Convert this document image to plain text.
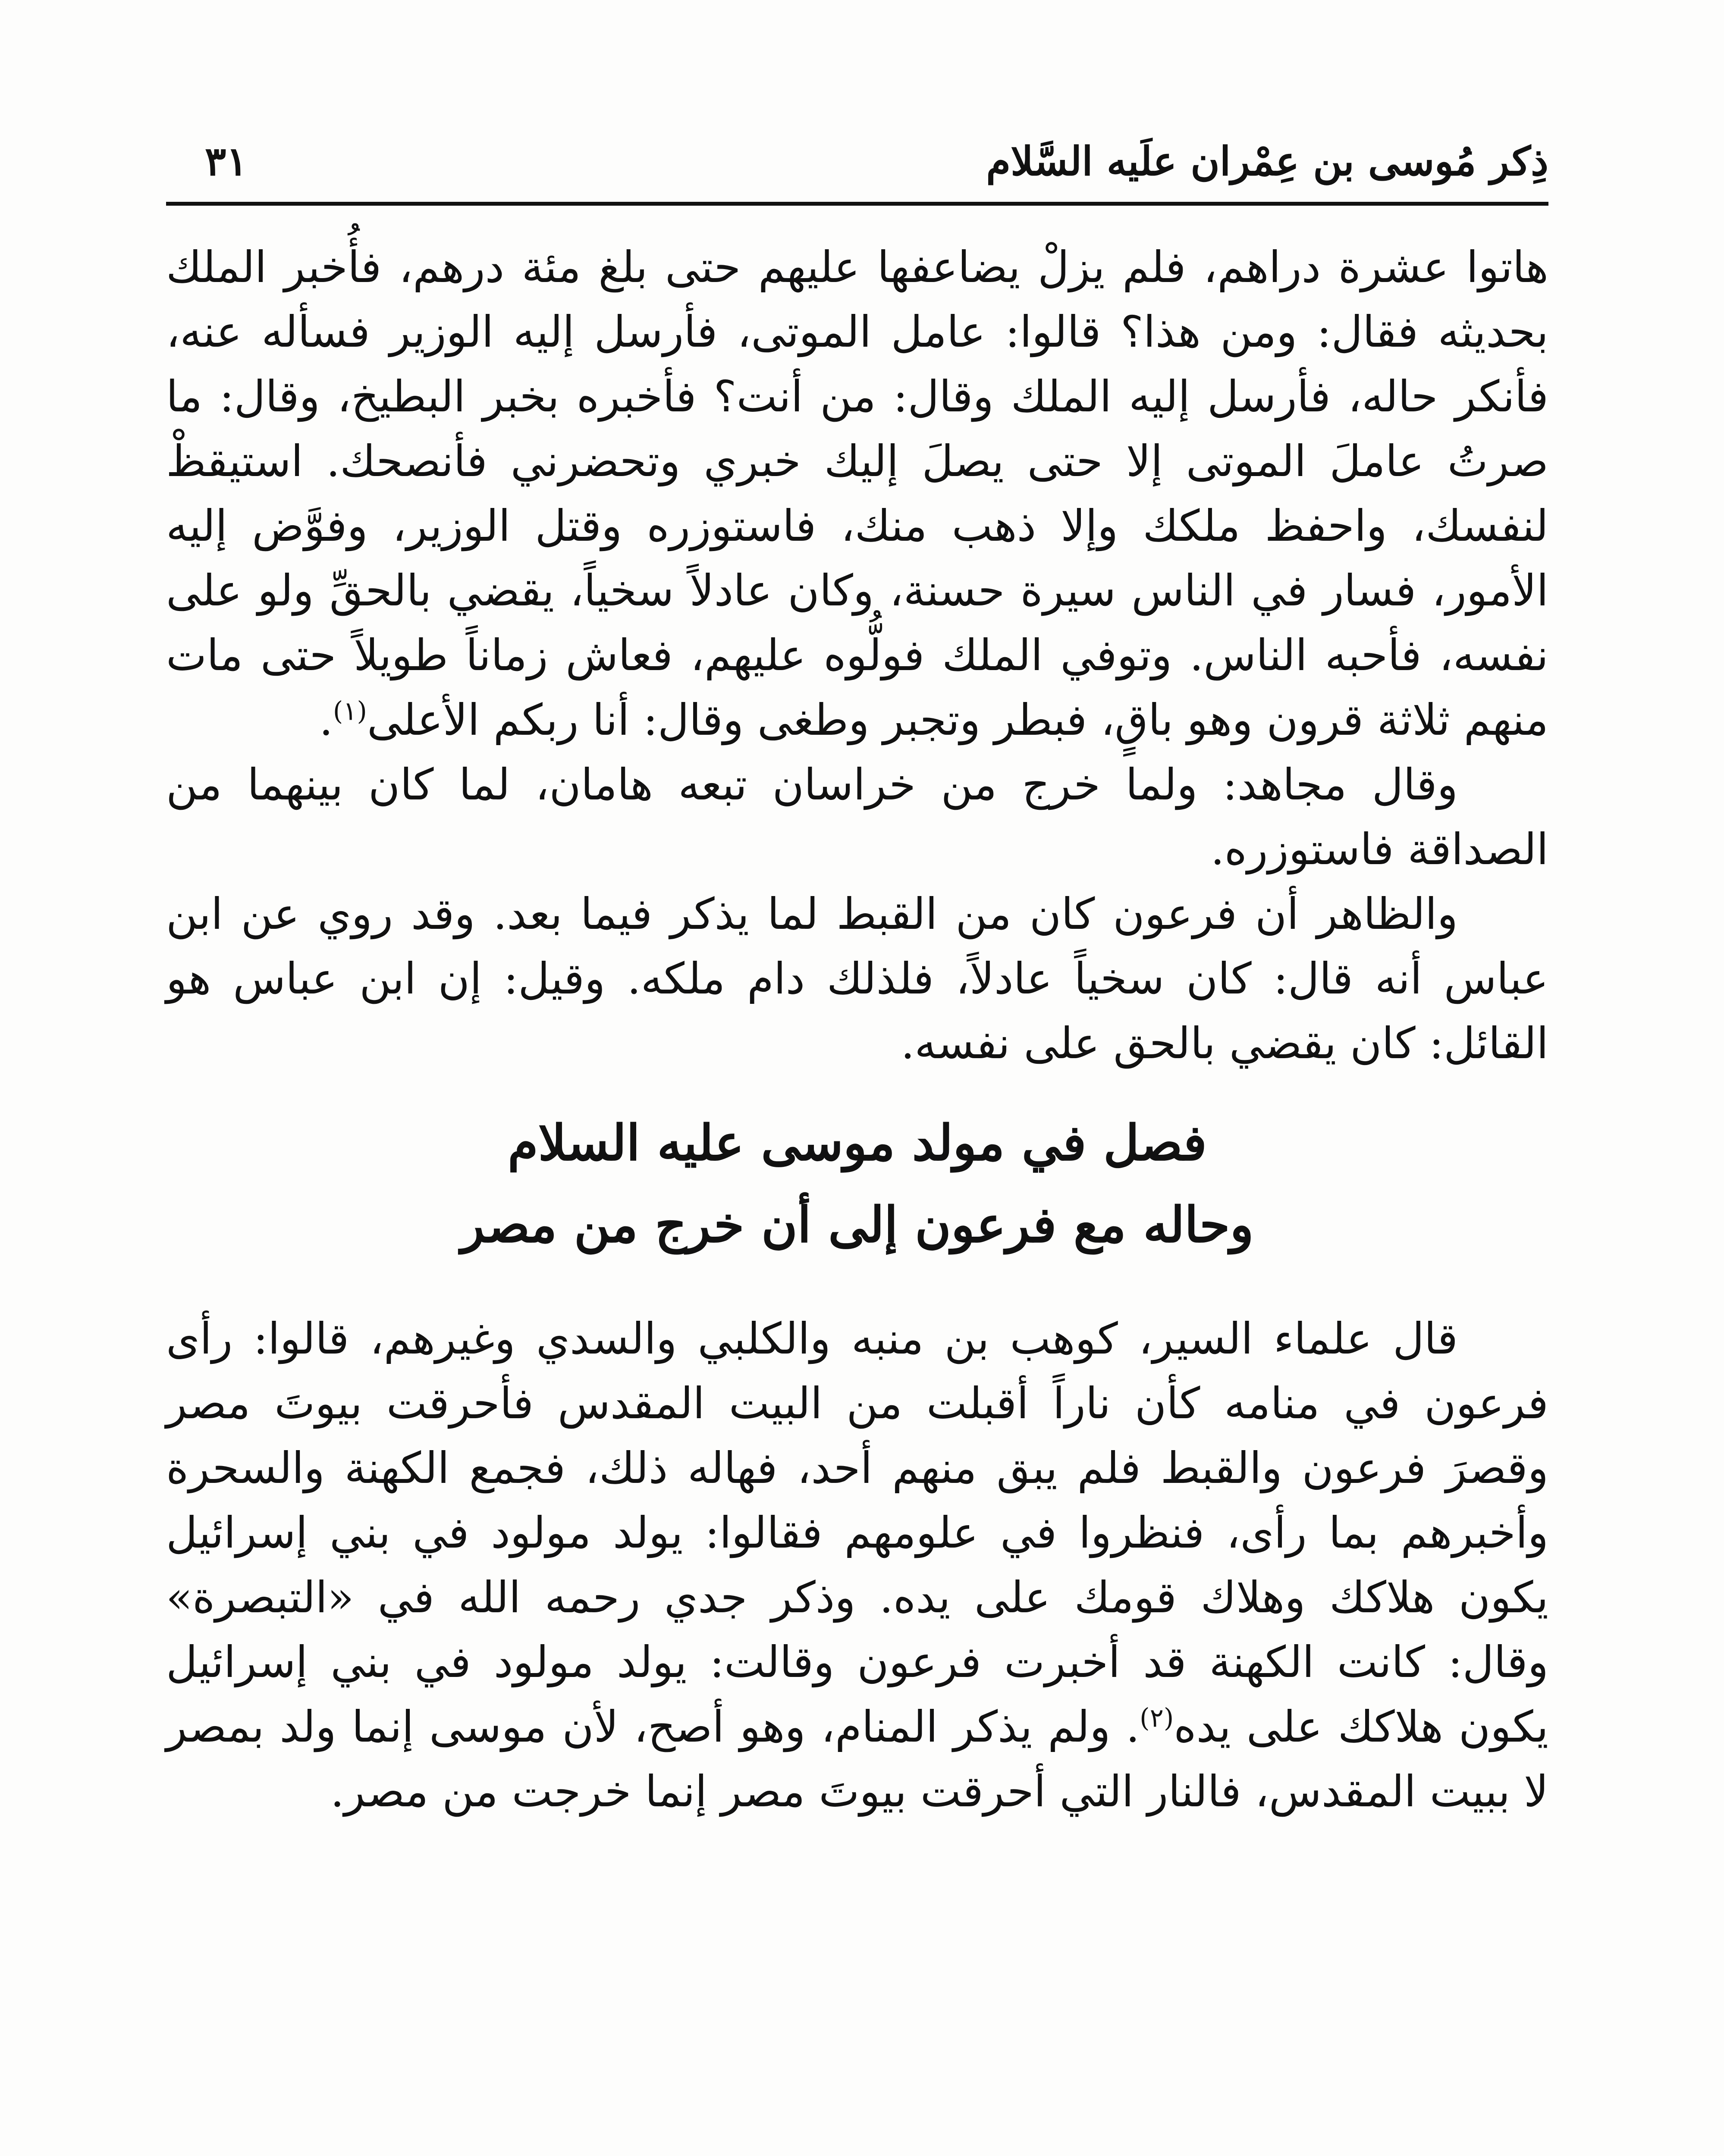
ذِكر مُوسى بن عِمْران علَيه السَّلام
٣١

هاتوا عشرة دراهم، فلم يزلْ يضاعفها عليهم حتى بلغ مئة درهم، فأُخبر الملك بحديثه فقال: ومن هذا؟ قالوا: عامل الموتى، فأرسل إليه الوزير فسأله عنه، فأنكر حاله، فأرسل إليه الملك وقال: من أنت؟ فأخبره بخبر البطيخ، وقال: ما صرتُ عاملَ الموتى إلا حتى يصلَ إليك خبري وتحضرني فأنصحك. استيقظْ لنفسك، واحفظ ملكك وإلا ذهب منك، فاستوزره وقتل الوزير، وفوَّض إليه الأمور، فسار في الناس سيرة حسنة، وكان عادلاً سخياً، يقضي بالحقِّ ولو على نفسه، فأحبه الناس. وتوفي الملك فولُّوه عليهم، فعاش زماناً طويلاً حتى مات منهم ثلاثة قرون وهو باقٍ، فبطر وتجبر وطغى وقال: أنا ربكم الأعلى$^{(١)}$.

وقال مجاهد: ولما خرج من خراسان تبعه هامان، لما كان بينهما من الصداقة فاستوزره.

والظاهر أن فرعون كان من القبط لما يذكر فيما بعد. وقد روي عن ابن عباس أنه قال: كان سخياً عادلاً، فلذلك دام ملكه. وقيل: إن ابن عباس هو القائل: كان يقضي بالحق على نفسه.

فصل في مولد موسى عليه السلام
وحاله مع فرعون إلى أن خرج من مصر

قال علماء السير، كوهب بن منبه والكلبي والسدي وغيرهم، قالوا: رأى فرعون في منامه كأن ناراً أقبلت من البيت المقدس فأحرقت بيوتَ مصر وقصرَ فرعون والقبط فلم يبق منهم أحد، فهاله ذلك، فجمع الكهنة والسحرة وأخبرهم بما رأى، فنظروا في علومهم فقالوا: يولد مولود في بني إسرائيل يكون هلاكك وهلاك قومك على يده. وذكر جدي رحمه الله في «التبصرة» وقال: كانت الكهنة قد أخبرت فرعون وقالت: يولد مولود في بني إسرائيل يكون هلاكك على يده$^{(٢)}$. ولم يذكر المنام، وهو أصح، لأن موسى إنما ولد بمصر لا ببيت المقدس، فالنار التي أحرقت بيوتَ مصر إنما خرجت من مصر.
